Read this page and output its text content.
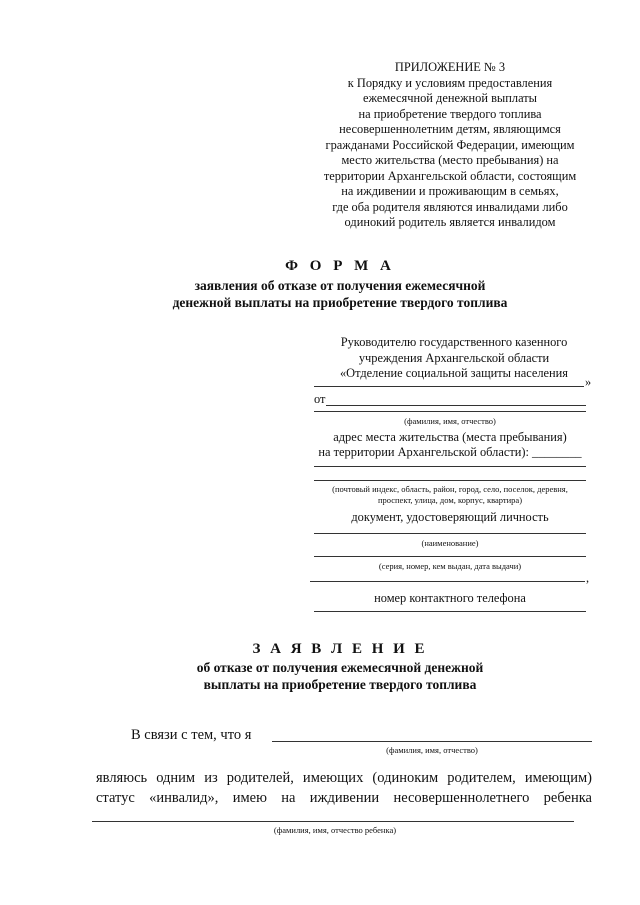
ПРИЛОЖЕНИЕ № 3
к Порядку и условиям предоставления
ежемесячной денежной выплаты
на приобретение твердого топлива
несовершеннолетним детям, являющимся
гражданами Российской Федерации, имеющим
место жительства (место пребывания) на
территории Архангельской области, состоящим
на иждивении и проживающим в семьях,
где оба родителя являются инвалидами либо
одинокий родитель является инвалидом
Ф О Р М А
заявления об отказе от получения ежемесячной
денежной выплаты на приобретение твердого топлива
Руководителю государственного казенного
учреждения Архангельской области
«Отделение социальной защиты населения
»
от
(фамилия, имя, отчество)
адрес места жительства (места пребывания)
на территории Архангельской области): ________
(почтовый индекс, область, район, город, село, поселок, деревня,
проспект, улица, дом, корпус, квартира)
документ, удостоверяющий личность
(наименование)
(серия, номер, кем выдан, дата выдачи)
,
номер контактного телефона
З А Я В Л Е Н И Е
об отказе от получения ежемесячной денежной
выплаты на приобретение твердого топлива
В связи с тем, что я
(фамилия, имя, отчество)
являюсь одним из родителей, имеющих (одиноким родителем, имеющим)
статус «инвалид», имею на иждивении несовершеннолетнего ребенка
(фамилия, имя, отчество ребенка)
